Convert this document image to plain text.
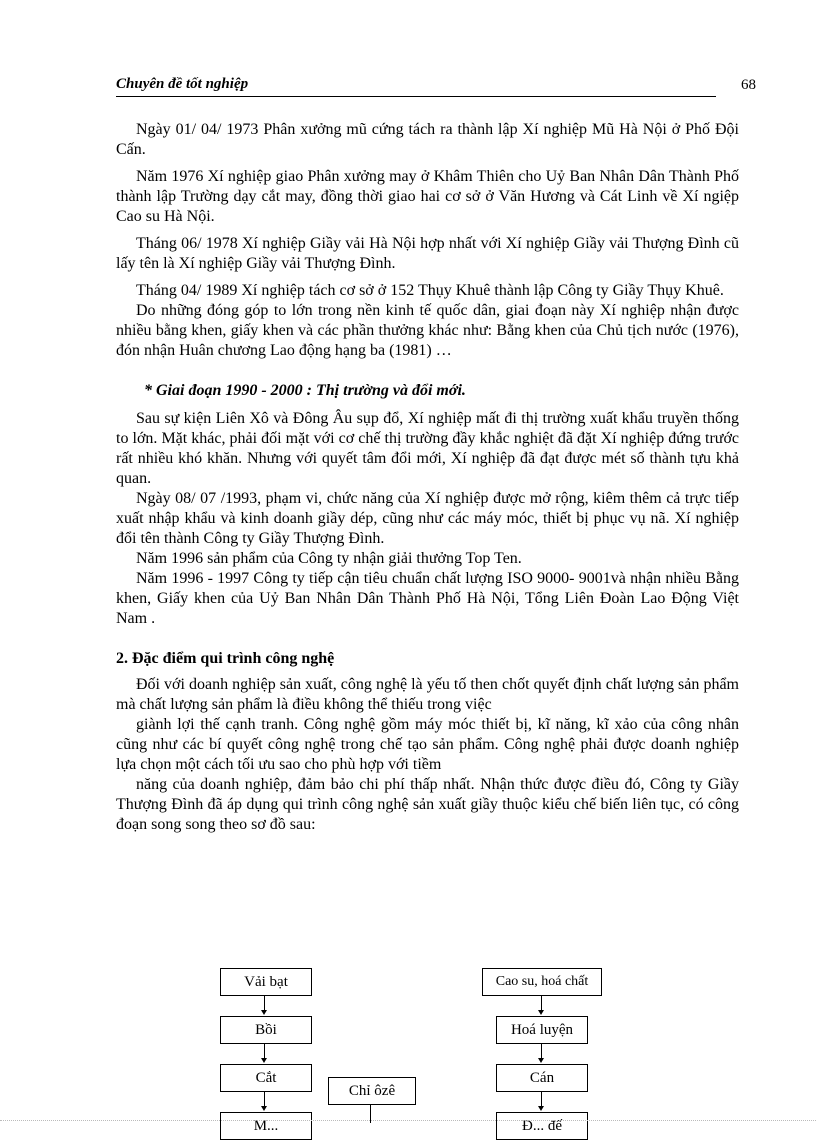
Chuyên đề tốt nghiệp	68

Ngày 01/ 04/ 1973 Phân xưởng mũ cứng tách ra thành lập Xí nghiệp Mũ Hà Nội ở Phố Đội Cấn.

Năm 1976 Xí nghiệp giao Phân xưởng may ở Khâm Thiên cho Uỷ Ban Nhân Dân Thành Phố thành lập Trường dạy cắt may, đồng thời giao hai cơ sở ở Văn Hương và Cát Linh về Xí ngiệp Cao su Hà Nội.

Tháng 06/ 1978 Xí nghiệp Giầy vải Hà Nội hợp nhất với Xí nghiệp Giầy vải Thượng Đình cũ lấy tên là Xí nghiệp Giầy vải Thượng Đình.

Tháng 04/ 1989 Xí nghiệp tách cơ sở ở 152 Thụy Khuê thành lập Công ty Giầy Thụy Khuê.

Do những đóng góp to lớn trong nền kinh tế quốc dân, giai đoạn này Xí nghiệp nhận được nhiều bằng khen, giấy khen và các phần thưởng khác như: Bằng khen của Chủ tịch nước (1976), đón nhận Huân chương Lao động hạng ba (1981) …

* Giai đoạn 1990 - 2000 : Thị trường và đổi mới.

Sau sự kiện Liên Xô và Đông Âu sụp đổ, Xí nghiệp mất đi thị trường xuất khẩu truyền thống to lớn. Mặt khác, phải đối mặt với cơ chế thị trường đầy khắc nghiệt đã đặt Xí nghiệp đứng trước rất nhiều khó khăn. Nhưng với quyết tâm đổi mới, Xí nghiệp đã đạt được mét số thành tựu khả quan.

Ngày 08/ 07 /1993, phạm vi, chức năng của Xí nghiệp được mở rộng, kiêm thêm cả trực tiếp xuất nhập khẩu và kinh doanh giầy dép, cũng như các máy móc, thiết bị phục vụ nã. Xí nghiệp đổi tên thành Công ty Giầy Thượng Đình.

Năm 1996 sản phẩm của Công ty nhận giải thưởng Top Ten.

Năm 1996 - 1997 Công ty tiếp cận tiêu chuẩn chất lượng ISO 9000- 9001và nhận nhiều Bằng khen, Giấy khen của Uỷ Ban Nhân Dân Thành Phố Hà Nội, Tổng Liên Đoàn Lao Động Việt Nam .

2. Đặc điểm qui trình công nghệ

Đối với doanh nghiệp sản xuất, công nghệ là yếu tố then chốt quyết định chất lượng sản phẩm mà chất lượng sản phẩm là điều không thể thiếu trong việc

giành lợi thế cạnh tranh. Công nghệ gồm máy móc thiết bị, kĩ năng, kĩ xảo của công nhân cũng như các bí quyết công nghệ trong chế tạo sản phẩm. Công nghệ phải được doanh nghiệp lựa chọn một cách tối ưu sao cho phù hợp với tiềm

năng của doanh nghiệp, đảm bảo chi phí thấp nhất. Nhận thức được điều đó, Công ty Giầy Thượng Đình đã áp dụng qui trình công nghệ sản xuất giầy thuộc kiểu chế biến liên tục, có công đoạn song song theo sơ đồ sau:

Vải bạt
Bồi
Cắt
M...
Chỉ ôzê
Cao su, hoá chất
Hoá luyện
Cán
Đ... đế
